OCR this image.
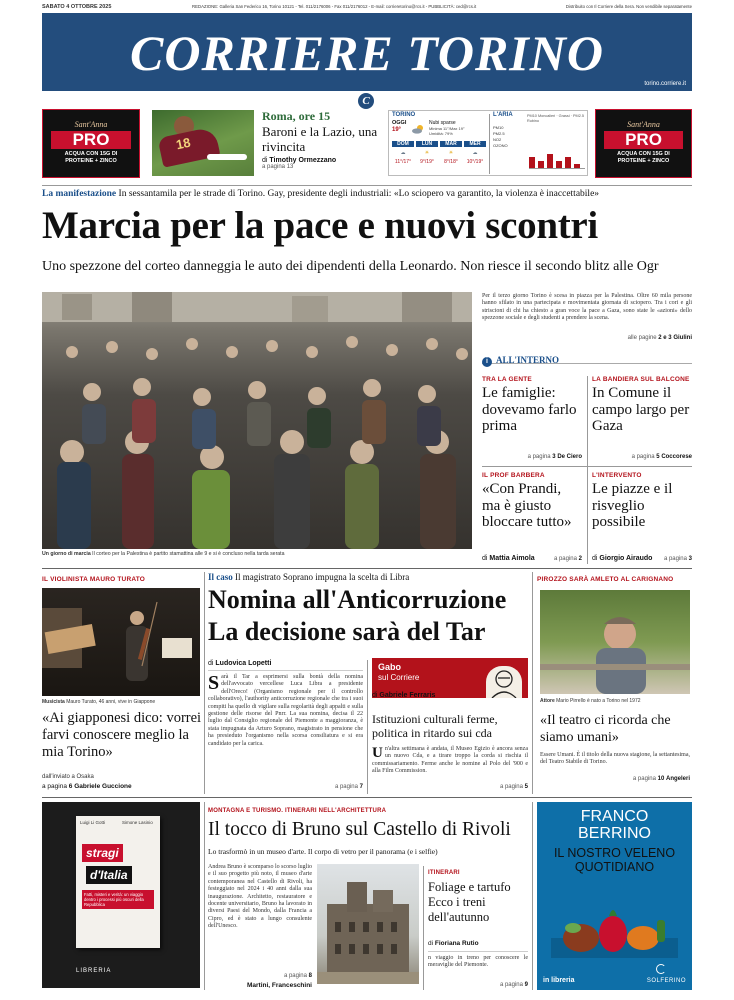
SABATO 4 OTTOBRE 2025	REDAZIONE: Galleria San Federico 16, Torino 10121 - Tel. 011/2176006 - Fax 011/2176012 - E-mail: corrieretorino@rcs.it - PUBBLICITÀ: ced@rcs.it	Distribuito con Il Corriere della Sera. Non vendibile separatamente
CORRIERE TORINO
torino.corriere.it
C
Sant'Anna
PRO
ACQUA CON 15G DI PROTEINE + ZINCO
18
Roma, ore 15
Baroni e la Lazio, una rivincita
di Timothy Ormezzano
a pagina 13
TORINO
OGGI
19°
Nubi sparse
Minima 11°/Max 19° Umidità: 79%
DOM
☁
11°/17°
LUN
☀
9°/19°
MAR
☀
8°/18°
MER
☁
10°/19°
L'ARIA	PM10 Moncalieri · Grassi · PM2.5 Rubino
PM10
PM2.5
NO2
OZONO
Sant'Anna
PRO
ACQUA CON 15G DI PROTEINE + ZINCO
La manifestazione In sessantamila per le strade di Torino. Gay, presidente degli industriali: «Lo sciopero va garantito, la violenza è inaccettabile»
Marcia per la pace e nuovi scontri
Uno spezzone del corteo danneggia le auto dei dipendenti della Leonardo. Non riesce il secondo blitz alle Ogr
Un giorno di marcia Il corteo per la Palestina è partito stamattina alle 9 e si è concluso nella tarda serata
Per il terzo giorno Torino è scesa in piazza per la Palestina. Oltre 60 mila persone hanno sfilato in una partecipata e movimentata giornata di sciopero. Tra i cori e gli striscioni di chi ha chiesto a gran voce la pace a Gaza, sono state le «azioni» dello spezzone sociale e degli studenti a prendere la scena.
alle pagine 2 e 3 Giulini
i ALL'INTERNO
TRA LA GENTE
Le famiglie: dovevamo farlo prima
a pagina 3 De Ciero
LA BANDIERA SUL BALCONE
In Comune il campo largo per Gaza
a pagina 5 Coccorese
IL PROF BARBERA
«Con Prandi, ma è giusto bloccare tutto»
di Mattia Aimola	a pagina 2
L'INTERVENTO
Le piazze e il risveglio possibile
di Giorgio Airaudo a pagina 3
IL VIOLINISTA MAURO TURATO
Musicista Mauro Turato, 46 anni, vive in Giappone
«Ai giapponesi dico: vorrei farvi conoscere meglio la mia Torino»
dall'inviato a Osaka
a pagina 6 Gabriele Guccione
Il caso Il magistrato Soprano impugna la scelta di Libra
Nomina all'Anticorruzione
La decisione sarà del Tar
di Ludovica Lopetti
Sarà il Tar a esprimersi sulla bontà della nomina dell'avvocato vercellese Luca Libra a presidente dell'Oreco! (Organismo regionale per il controllo collaborativo), l'authority anticorruzione regionale che tra i suoi compiti ha quello di vigilare sulla regolarità degli appalti e sulla gestione delle risorse del Pnrr. La sua nomina, decisa il 22 luglio dal Consiglio regionale del Piemonte a maggioranza, è stata impugnata da Arturo Soprano, magistrato in pensione che ha presieduto l'organismo nella scorsa consiliatura e si era candidato per la carica.
a pagina 7
Gabo
sul Corriere
di Gabriele Ferraris
Istituzioni culturali ferme, politica in ritardo sui cda
Un'altra settimana è andata, il Museo Egizio è ancora senza un nuovo Cda, e a tirare troppo la corda si rischia il commissariamento. Ferme anche le nomine al Polo del '900 e alla Film Commission.
a pagina 5
PIROZZO SARÀ AMLETO AL CARIGNANO
Attore Mario Pirrello è nato a Torino nel 1972
«Il teatro ci ricorda che siamo umani»
Essere Umani. È il titolo della nuova stagione, la settantesima, del Teatro Stabile di Torino.
a pagina 10 Angeleri
Luigi Li Gotti	Simone Lasinio
stragi
d'Italia
Fatti, misteri e verità: un viaggio dentro i processi più oscuri della Repubblica
LIBRERIA
MONTAGNA E TURISMO. ITINERARI NELL'ARCHITETTURA
Il tocco di Bruno sul Castello di Rivoli
Lo trasformò in un museo d'arte. Il corpo di vetro per il panorama (e i selfie)
Andrea Bruno è scomparso lo scorso luglio e il suo progetto più noto, il museo d'arte contemporanea nel Castello di Rivoli, ha festeggiato nel 2024 i 40 anni dalla sua inaugurazione. Architetto, restauratore e docente universitario, Bruno ha lavorato in diversi Paesi del Mondo, dalla Francia a Cipro, ed è stato a lungo consulente dell'Unesco.
a pagina 8
Martini, Franceschini
ITINERARI
Foliage e tartufo Ecco i treni dell'autunno
di Fioriana Rutio
n viaggio in treno per conoscere le meraviglie del Piemonte.
a pagina 9
FRANCO
BERRINO
IL NOSTRO VELENO QUOTIDIANO
in libreria	SOLFERINO
